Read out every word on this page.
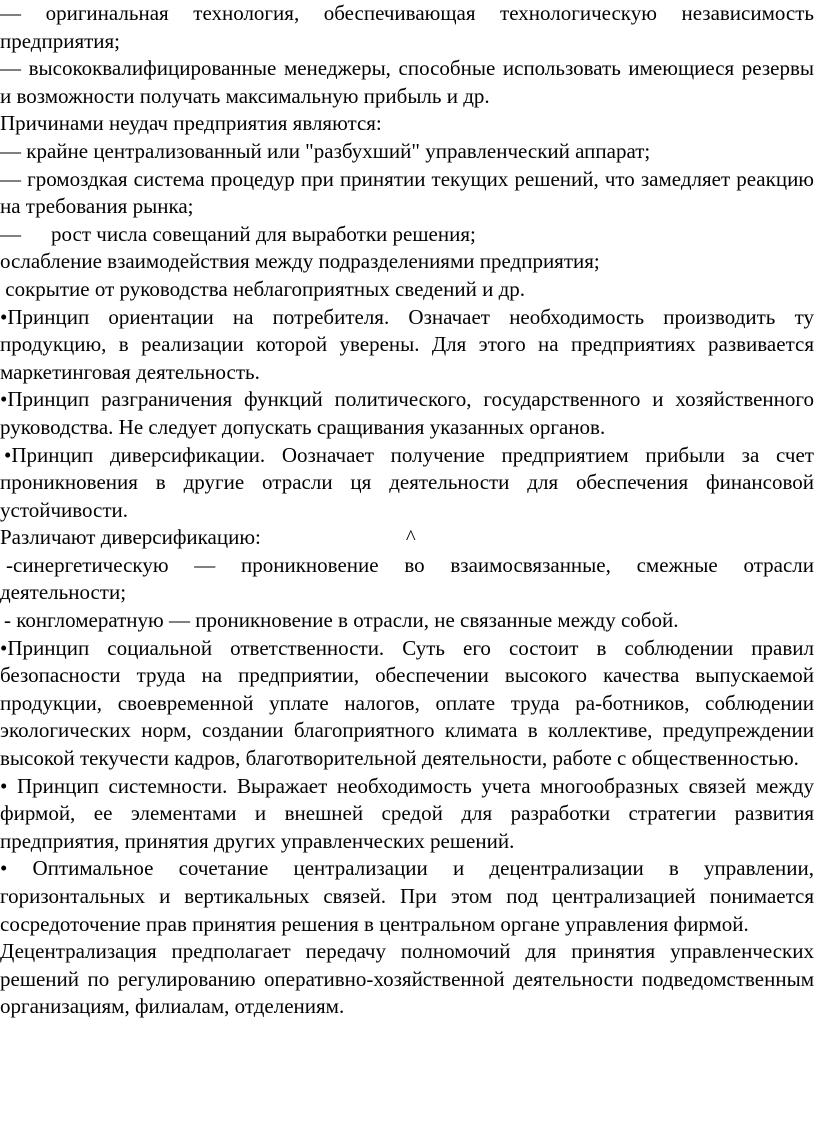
— оригинальная технология, обеспечивающая технологическую независимость предприятия;

— высококвалифицированные менеджеры, способные использовать имеющиеся резервы и возможности получать максимальную прибыль и др.

Причинами неудач предприятия являются:

— крайне централизованный или "разбухший" управленческий аппарат;

— громоздкая система процедур при принятии текущих решений, что замедляет реакцию на требования рынка;

— рост числа совещаний для выработки решения;

ослабление взаимодействия между подразделениями предприятия;

сокрытие от руководства неблагоприятных сведений и др.

•Принцип ориентации на потребителя. Означает необходимость производить ту продукцию, в реализации которой уверены. Для этого на предприятиях развивается маркетинговая деятельность.

•Принцип разграничения функций политического, государственного и хозяйственного руководства. Не следует допускать сращивания указанных органов.

•Принцип диверсификации. Оозначает получение предприятием прибыли за счет проникновения в другие отрасли ця деятельности для обеспечения финансовой устойчивости.

Различают диверсификацию:	^

-синергетическую — проникновение во взаимосвязанные, смежные отрасли деятельности;

- конгломератную — проникновение в отрасли, не связанные между собой.

•Принцип социальной ответственности. Суть его состоит в соблюдении правил безопасности труда на предприятии, обеспечении высокого качества выпускаемой продукции, своевременной уплате налогов, оплате труда ра-ботников, соблюдении экологических норм, создании благоприятного климата в коллективе, предупреждении высокой текучести кадров, благотворительной деятельности, работе с общественностью.

• Принцип системности. Выражает необходимость учета многообразных связей между фирмой, ее элементами и внешней средой для разработки стратегии развития предприятия, принятия других управленческих решений.

• Оптимальное сочетание централизации и децентрализации в управлении, горизонтальных и вертикальных связей. При этом под централизацией понимается сосредоточение прав принятия решения в центральном органе управления фирмой.

Децентрализация предполагает передачу полномочий для принятия управленческих решений по регулированию оперативно-хозяйственной деятельности подведомственным организациям, филиалам, отделениям.
